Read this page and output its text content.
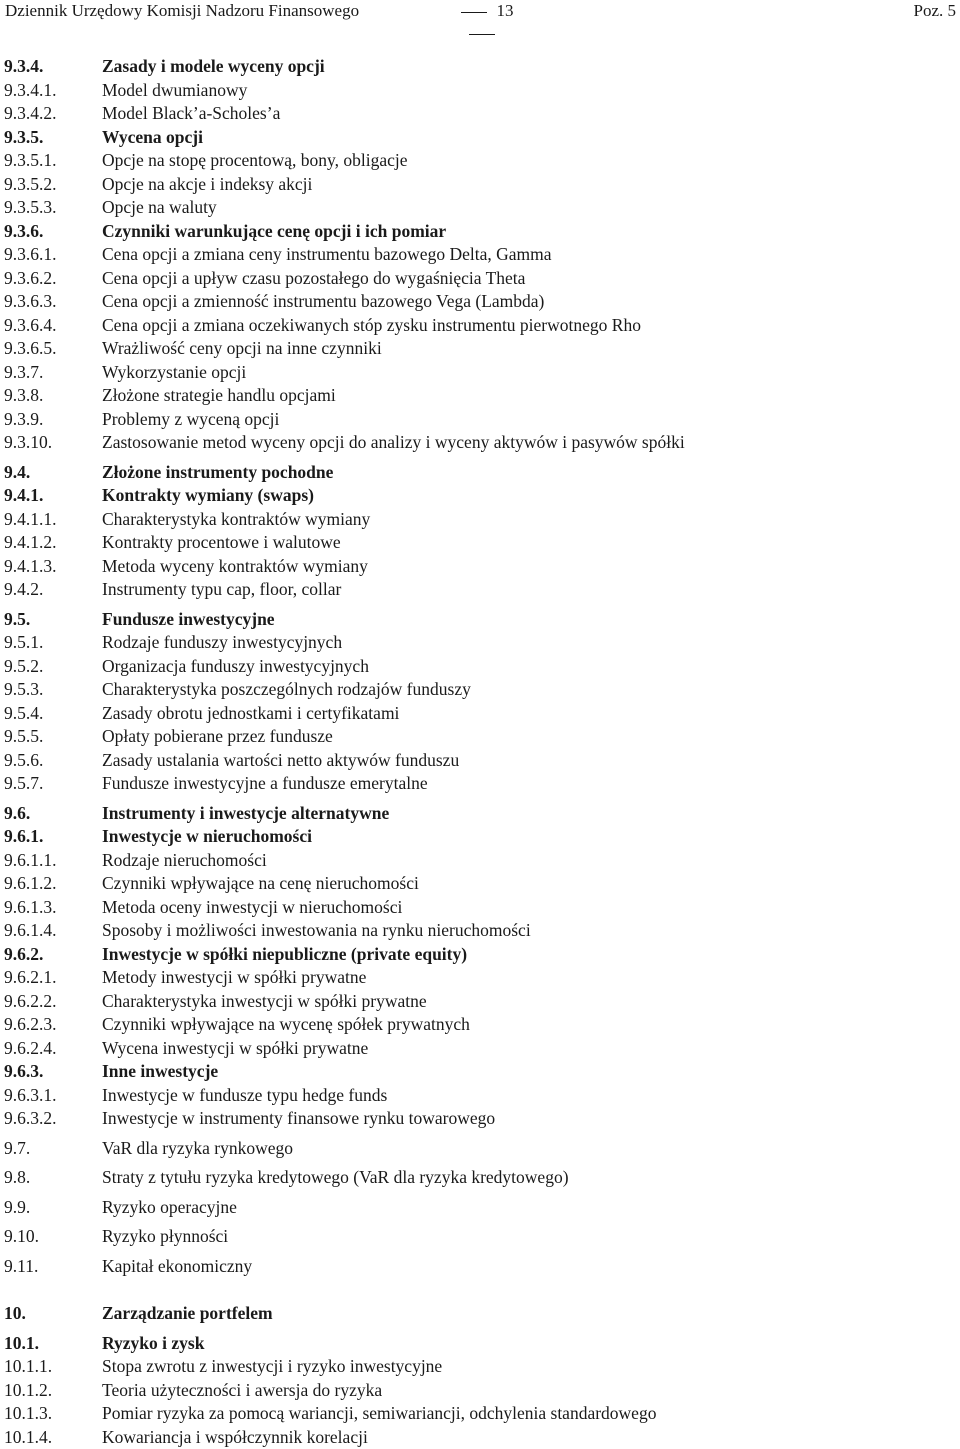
Dziennik Urzędowy Komisji Nadzoru Finansowego	13	Poz. 5
9.3.4.	Zasady i modele wyceny opcji
9.3.4.1.	Model dwumianowy
9.3.4.2.	Model Black’a-Scholes’a
9.3.5.	Wycena opcji
9.3.5.1.	Opcje na stopę procentową, bony, obligacje
9.3.5.2.	Opcje na akcje i indeksy akcji
9.3.5.3.	Opcje na waluty
9.3.6.	Czynniki warunkujące cenę opcji i ich pomiar
9.3.6.1.	Cena opcji a zmiana ceny instrumentu bazowego Delta, Gamma
9.3.6.2.	Cena opcji a upływ czasu pozostałego do wygaśnięcia Theta
9.3.6.3.	Cena opcji a zmienność instrumentu bazowego Vega (Lambda)
9.3.6.4.	Cena opcji a zmiana oczekiwanych stóp zysku instrumentu pierwotnego Rho
9.3.6.5.	Wrażliwość ceny opcji na inne czynniki
9.3.7.	Wykorzystanie opcji
9.3.8.	Złożone strategie handlu opcjami
9.3.9.	Problemy z wyceną opcji
9.3.10.	Zastosowanie metod wyceny opcji do analizy i wyceny aktywów i pasywów spółki
9.4.	Złożone instrumenty pochodne
9.4.1.	Kontrakty wymiany (swaps)
9.4.1.1.	Charakterystyka kontraktów wymiany
9.4.1.2.	Kontrakty procentowe i walutowe
9.4.1.3.	Metoda wyceny kontraktów wymiany
9.4.2.	Instrumenty typu cap, floor, collar
9.5.	Fundusze inwestycyjne
9.5.1.	Rodzaje funduszy inwestycyjnych
9.5.2.	Organizacja funduszy inwestycyjnych
9.5.3.	Charakterystyka poszczególnych rodzajów funduszy
9.5.4.	Zasady obrotu jednostkami i certyfikatami
9.5.5.	Opłaty pobierane przez fundusze
9.5.6.	Zasady ustalania wartości netto aktywów funduszu
9.5.7.	Fundusze inwestycyjne a fundusze emerytalne
9.6.	Instrumenty i inwestycje alternatywne
9.6.1.	Inwestycje w nieruchomości
9.6.1.1.	Rodzaje nieruchomości
9.6.1.2.	Czynniki wpływające na cenę nieruchomości
9.6.1.3.	Metoda oceny inwestycji w nieruchomości
9.6.1.4.	Sposoby i możliwości inwestowania na rynku nieruchomości
9.6.2.	Inwestycje w spółki niepubliczne (private equity)
9.6.2.1.	Metody inwestycji w spółki prywatne
9.6.2.2.	Charakterystyka inwestycji w spółki prywatne
9.6.2.3.	Czynniki wpływające na wycenę spółek prywatnych
9.6.2.4.	Wycena inwestycji w spółki prywatne
9.6.3.	Inne inwestycje
9.6.3.1.	Inwestycje w fundusze typu hedge funds
9.6.3.2.	Inwestycje w instrumenty finansowe rynku towarowego
9.7.	VaR dla ryzyka rynkowego
9.8.	Straty z tytułu ryzyka kredytowego (VaR dla ryzyka kredytowego)
9.9.	Ryzyko operacyjne
9.10.	Ryzyko płynności
9.11.	Kapitał ekonomiczny
10.	Zarządzanie portfelem
10.1.	Ryzyko i zysk
10.1.1.	Stopa zwrotu z inwestycji i ryzyko inwestycyjne
10.1.2.	Teoria użyteczności i awersja do ryzyka
10.1.3.	Pomiar ryzyka za pomocą wariancji, semiwariancji, odchylenia standardowego
10.1.4.	Kowariancja i współczynnik korelacji
